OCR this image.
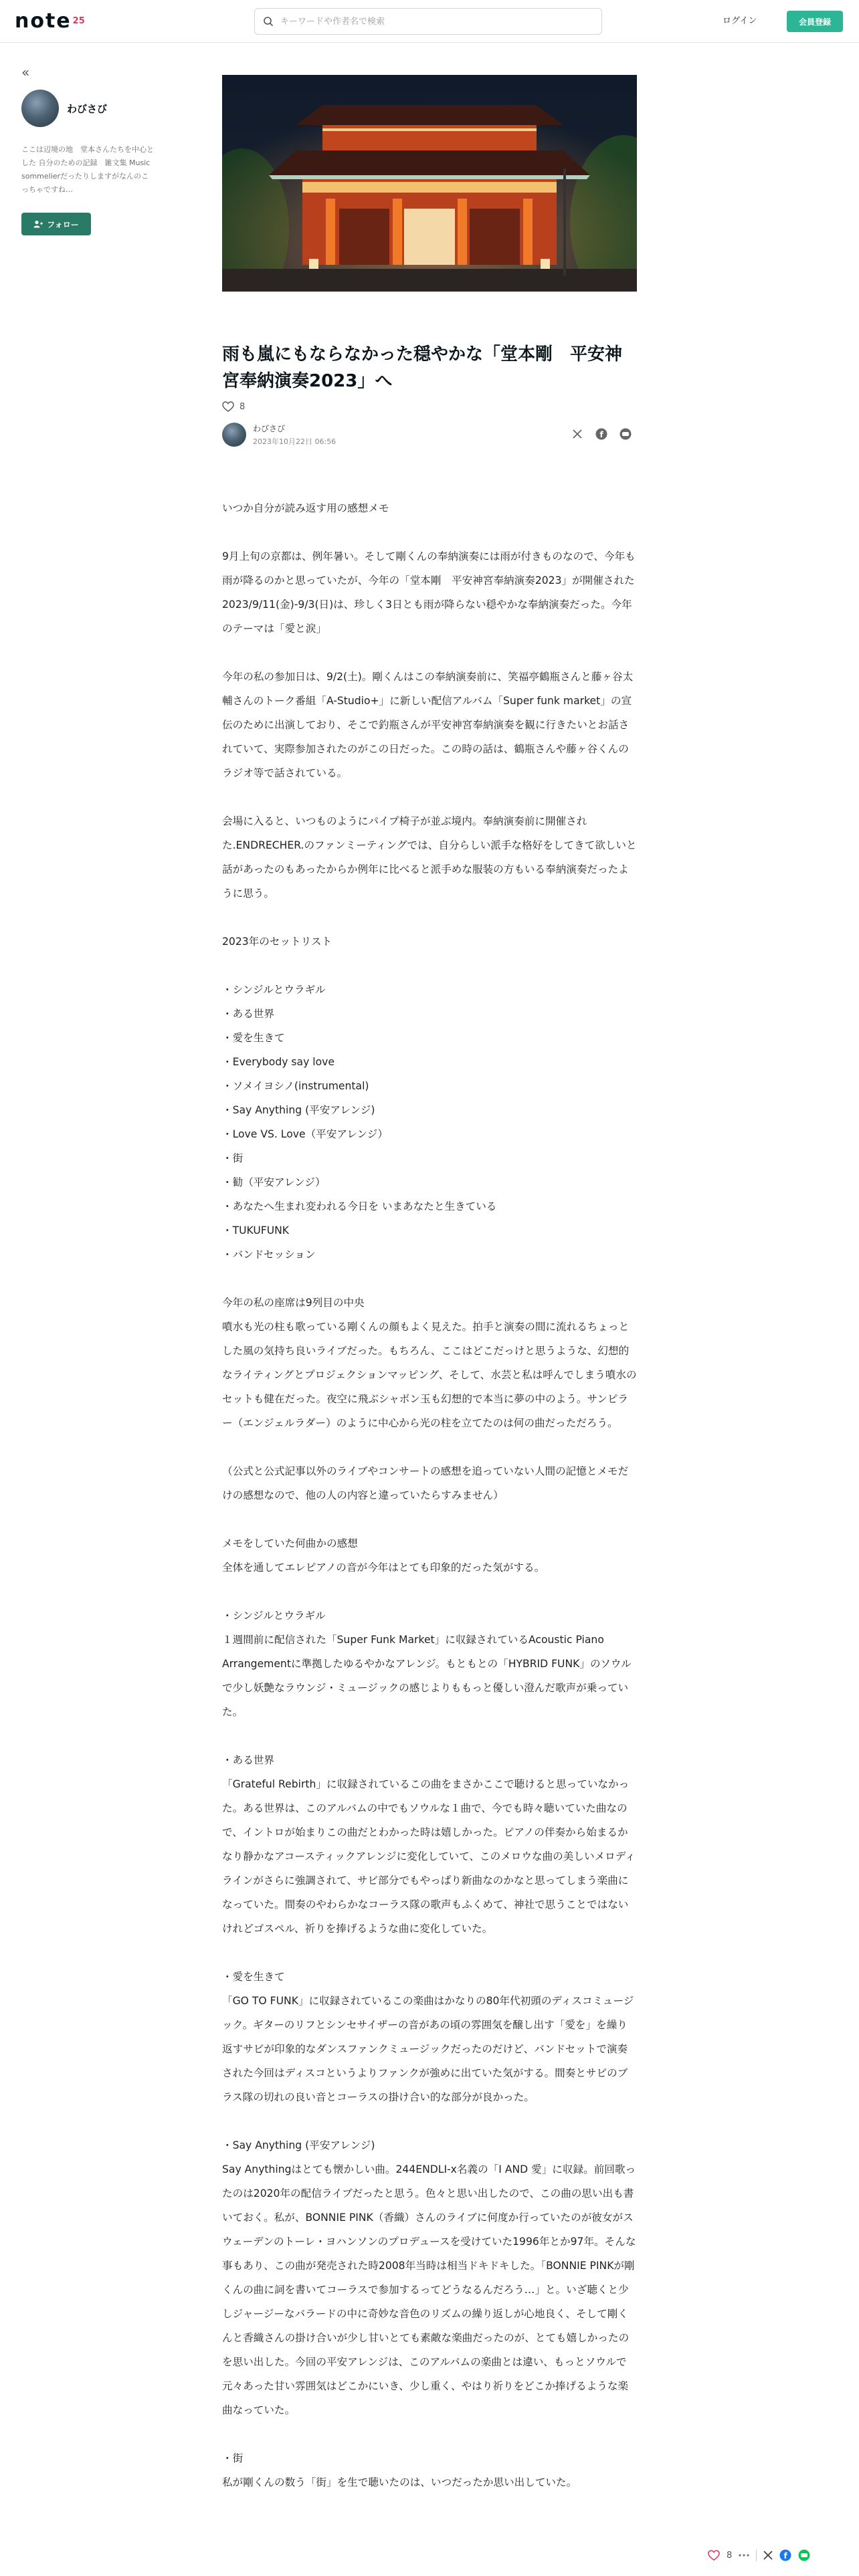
note 25
キーワードや作者名で検索	ログイン	会員登録
«
わびさび
ここは辺境の地　堂本さんたちを中心とした 自分のための記録　雑文集 Music sommelierだったりしますがなんのこっちゃですね…
フォロー
雨も嵐にもならなかった穏やかな「堂本剛　平安神宮奉納演奏2023」へ
8
わびさび
2023年10月22日 06:56
f

いつか自分が読み返す用の感想メモ

9月上旬の京都は、例年暑い。そして剛くんの奉納演奏には雨が付きものなので、今年も雨が降るのかと思っていたが、今年の「堂本剛　平安神宮奉納演奏2023」が開催された2023/9/11(金)-9/3(日)は、珍しく3日とも雨が降らない穏やかな奉納演奏だった。今年のテーマは「愛と涙」

今年の私の参加日は、9/2(土)。剛くんはこの奉納演奏前に、笑福亭鶴瓶さんと藤ヶ谷太輔さんのトーク番組「A-Studio+」に新しい配信アルバム「Super funk market」の宣伝のために出演しており、そこで釣瓶さんが平安神宮奉納演奏を観に行きたいとお話されていて、実際参加されたのがこの日だった。この時の話は、鶴瓶さんや藤ヶ谷くんのラジオ等で話されている。

会場に入ると、いつものようにパイプ椅子が並ぶ境内。奉納演奏前に開催された.ENDRECHER.のファンミーティングでは、自分らしい派手な格好をしてきて欲しいと話があったのもあったからか例年に比べると派手めな服装の方もいる奉納演奏だったように思う。

2023年のセットリスト

・シンジルとウラギル
・ある世界
・愛を生きて
・Everybody say love
・ソメイヨシノ(instrumental)
・Say Anything (平安アレンジ)
・Love VS. Love（平安アレンジ）
・街
・勧（平安アレンジ）
・あなたへ生まれ変われる今日を いまあなたと生きている
・TUKUFUNK
・バンドセッション

今年の私の座席は9列目の中央
噴水も光の柱も歌っている剛くんの顔もよく見えた。拍手と演奏の間に流れるちょっとした風の気持ち良いライブだった。もちろん、ここはどこだっけと思うような、幻想的なライティングとプロジェクションマッピング、そして、水芸と私は呼んでしまう噴水のセットも健在だった。夜空に飛ぶシャボン玉も幻想的で本当に夢の中のよう。サンピラー（エンジェルラダー）のように中心から光の柱を立てたのは何の曲だっただろう。

（公式と公式記事以外のライブやコンサートの感想を追っていない人間の記憶とメモだけの感想なので、他の人の内容と違っていたらすみません）

メモをしていた何曲かの感想
全体を通してエレピアノの音が今年はとても印象的だった気がする。

・シンジルとウラギル
１週間前に配信された「Super Funk Market」に収録されているAcoustic Piano Arrangementに準拠したゆるやかなアレンジ。もともとの「HYBRID FUNK」のソウルで少し妖艶なラウンジ・ミュージックの感じよりももっと優しい澄んだ歌声が乗っていた。

・ある世界
「Grateful Rebirth」に収録されているこの曲をまさかここで聴けると思っていなかった。ある世界は、このアルバムの中でもソウルな１曲で、今でも時々聴いていた曲なので、イントロが始まりこの曲だとわかった時は嬉しかった。ピアノの伴奏から始まるかなり静かなアコースティックアレンジに変化していて、このメロウな曲の美しいメロディラインがさらに強調されて、サビ部分でもやっぱり新曲なのかなと思ってしまう楽曲になっていた。間奏のやわらかなコーラス隊の歌声もふくめて、神社で思うことではないけれどゴスペル、祈りを捧げるような曲に変化していた。

・愛を生きて
「GO TO FUNK」に収録されているこの楽曲はかなりの80年代初頭のディスコミュージック。ギターのリフとシンセサイザーの音があの頃の雰囲気を醸し出す「愛を」を繰り返すサビが印象的なダンスファンクミュージックだったのだけど、バンドセットで演奏された今回はディスコというよりファンクが強めに出ていた気がする。間奏とサビのブラス隊の切れの良い音とコーラスの掛け合い的な部分が良かった。

・Say Anything (平安アレンジ)
Say Anythingはとても懐かしい曲。244ENDLI-x名義の「I AND 愛」に収録。前回歌ったのは2020年の配信ライブだったと思う。色々と思い出したので、この曲の思い出も書いておく。私が、BONNIE PINK（香織）さんのライブに何度か行っていたのが彼女がスウェーデンのトーレ・ヨハンソンのプロデュースを受けていた1996年とか97年。そんな事もあり、この曲が発売された時2008年当時は相当ドキドキした。「BONNIE PINKが剛くんの曲に詞を書いてコーラスで参加するってどうなるんだろう…」と。いざ聴くと少しジャージーなバラードの中に奇妙な音色のリズムの繰り返しが心地良く、そして剛くんと香織さんの掛け合いが少し甘いとても素敵な楽曲だったのが、とても嬉しかったのを思い出した。今回の平安アレンジは、このアルバムの楽曲とは違い、もっとソウルで元々あった甘い雰囲気はどこかにいき、少し重く、やはり祈りをどこか捧げるような楽曲なっていた。

・街
私が剛くんの数う「街」を生で聴いたのは、いつだったか思い出していた。

8	f
